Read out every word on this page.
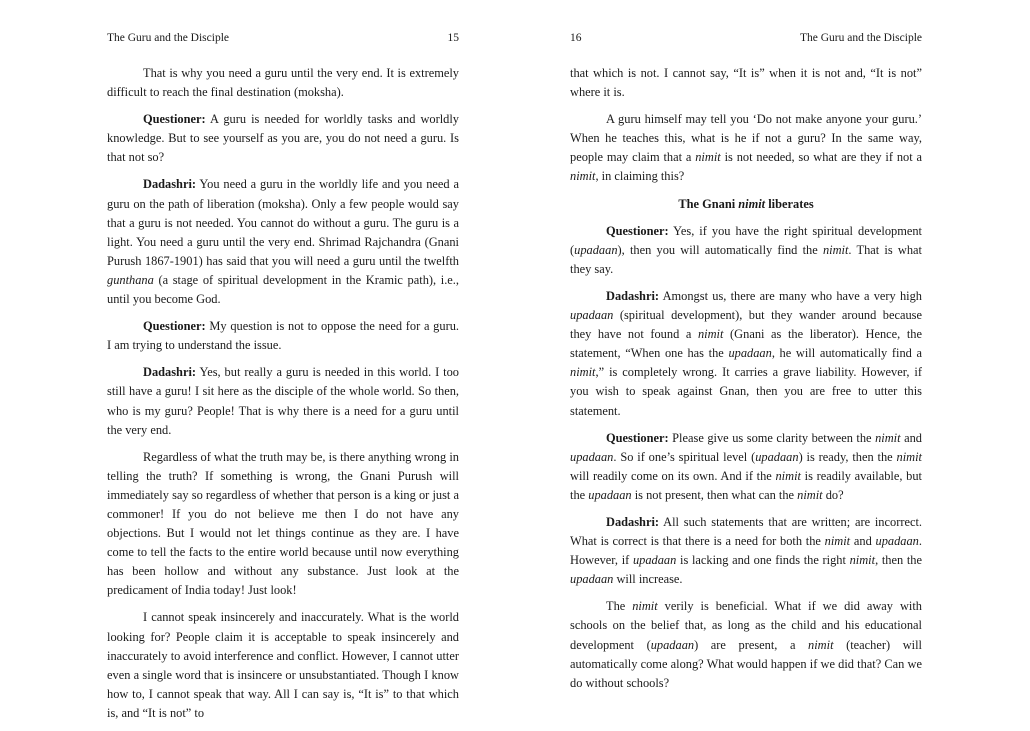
The Guru and the Disciple	15

That is why you need a guru until the very end. It is extremely difficult to reach the final destination (moksha).

Questioner: A guru is needed for worldly tasks and worldly knowledge. But to see yourself as you are, you do not need a guru. Is that not so?

Dadashri: You need a guru in the worldly life and you need a guru on the path of liberation (moksha). Only a few people would say that a guru is not needed. You cannot do without a guru. The guru is a light. You need a guru until the very end. Shrimad Rajchandra (Gnani Purush 1867-1901) has said that you will need a guru until the twelfth gunthana (a stage of spiritual development in the Kramic path), i.e., until you become God.

Questioner: My question is not to oppose the need for a guru. I am trying to understand the issue.

Dadashri: Yes, but really a guru is needed in this world. I too still have a guru! I sit here as the disciple of the whole world. So then, who is my guru? People! That is why there is a need for a guru until the very end.

Regardless of what the truth may be, is there anything wrong in telling the truth? If something is wrong, the Gnani Purush will immediately say so regardless of whether that person is a king or just a commoner! If you do not believe me then I do not have any objections. But I would not let things continue as they are. I have come to tell the facts to the entire world because until now everything has been hollow and without any substance. Just look at the predicament of India today! Just look!

I cannot speak insincerely and inaccurately. What is the world looking for? People claim it is acceptable to speak insincerely and inaccurately to avoid interference and conflict. However, I cannot utter even a single word that is insincere or unsubstantiated. Though I know how to, I cannot speak that way. All I can say is, “It is” to that which is, and “It is not” to

16	The Guru and the Disciple

that which is not. I cannot say, “It is” when it is not and, “It is not” where it is.

A guru himself may tell you ‘Do not make anyone your guru.’ When he teaches this, what is he if not a guru? In the same way, people may claim that a nimit is not needed, so what are they if not a nimit, in claiming this?

The Gnani nimit liberates

Questioner: Yes, if you have the right spiritual development (upadaan), then you will automatically find the nimit. That is what they say.

Dadashri: Amongst us, there are many who have a very high upadaan (spiritual development), but they wander around because they have not found a nimit (Gnani as the liberator). Hence, the statement, “When one has the upadaan, he will automatically find a nimit,” is completely wrong. It carries a grave liability. However, if you wish to speak against Gnan, then you are free to utter this statement.

Questioner: Please give us some clarity between the nimit and upadaan. So if one’s spiritual level (upadaan) is ready, then the nimit will readily come on its own. And if the nimit is readily available, but the upadaan is not present, then what can the nimit do?

Dadashri: All such statements that are written; are incorrect. What is correct is that there is a need for both the nimit and upadaan. However, if upadaan is lacking and one finds the right nimit, then the upadaan will increase.

The nimit verily is beneficial. What if we did away with schools on the belief that, as long as the child and his educational development (upadaan) are present, a nimit (teacher) will automatically come along? What would happen if we did that? Can we do without schools?
